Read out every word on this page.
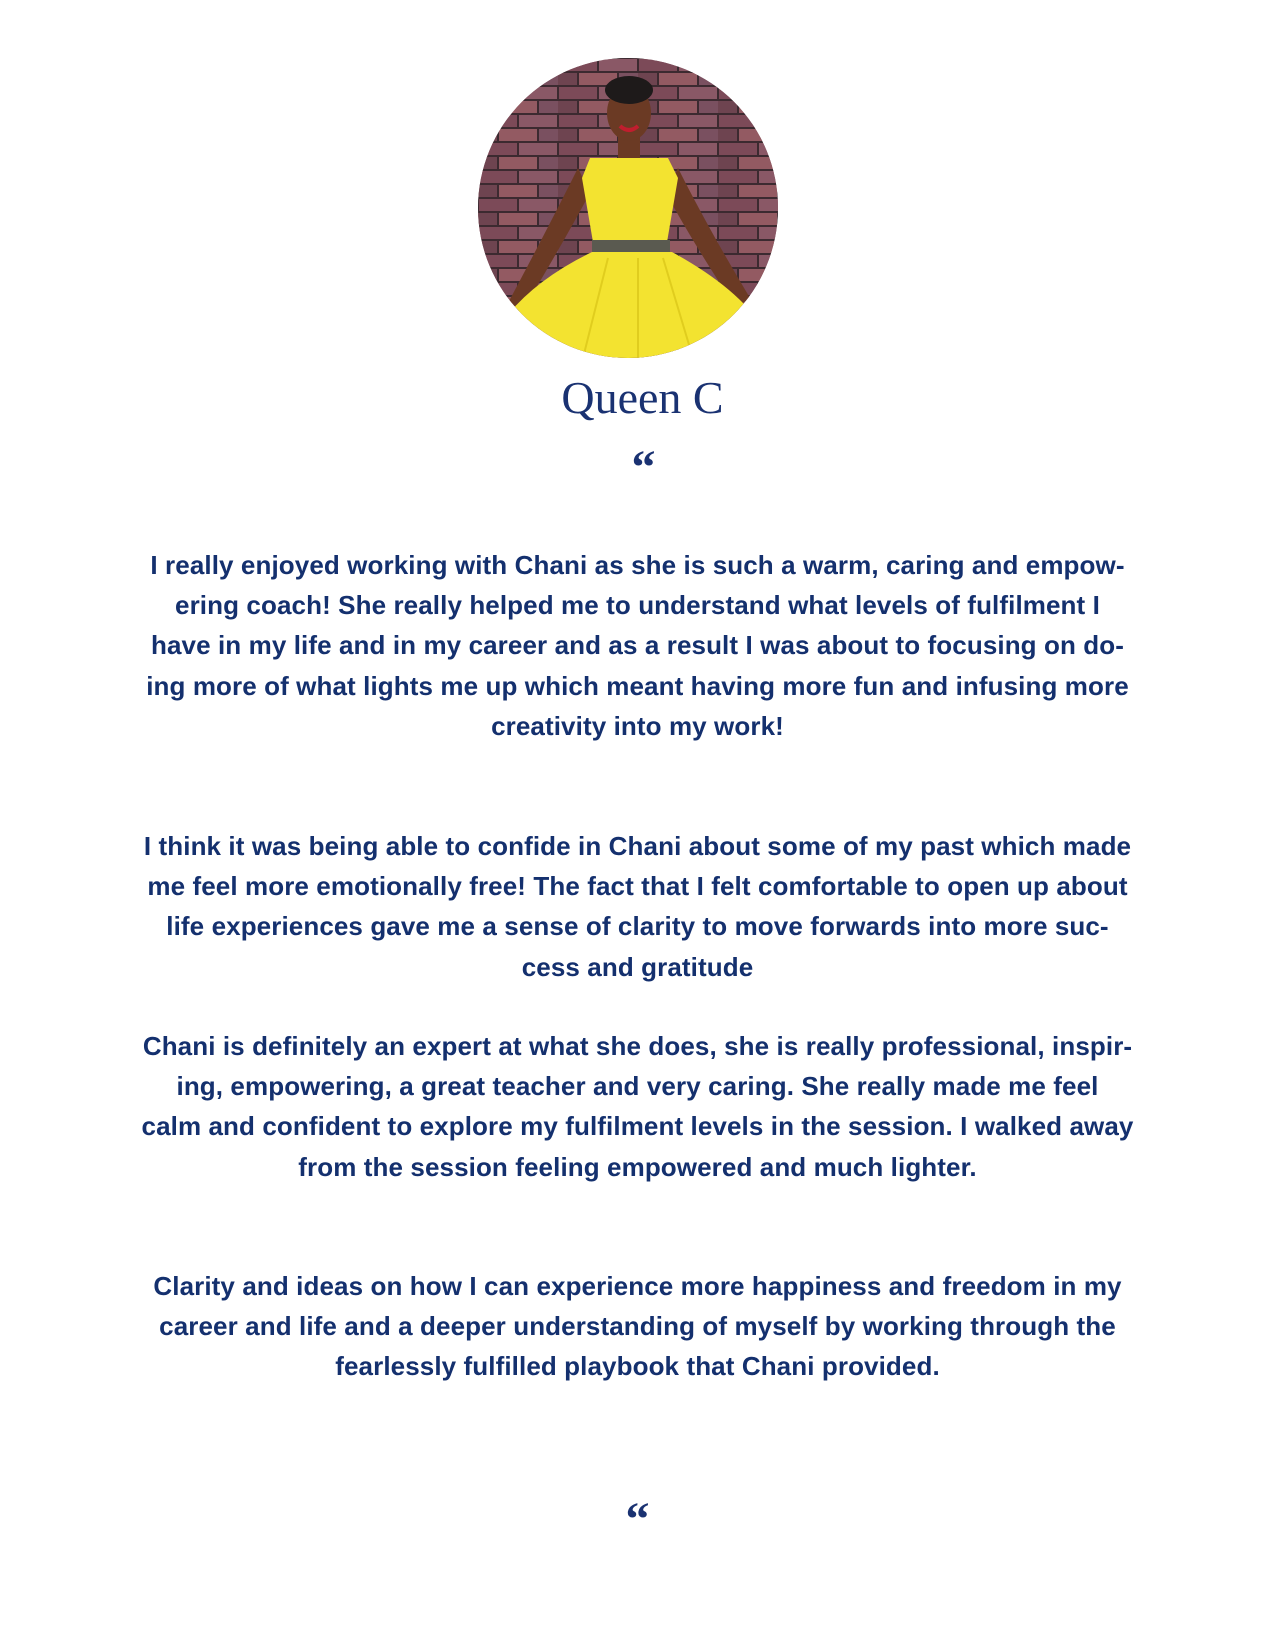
Queen C
“
I really enjoyed working with Chani as she is such a warm, caring and empow-
ering coach! She really helped me to understand what levels of fulfilment I
have in my life and in my career and as a result I was about to focusing on do-
ing more of what lights me up which meant having more fun and infusing more
creativity into my work!
I think it was being able to confide in Chani about some of my past which made
me feel more emotionally free! The fact that I felt comfortable to open up about
life experiences gave me a sense of clarity to move forwards into more suc-
cess and gratitude
Chani is definitely an expert at what she does, she is really professional, inspir-
ing, empowering, a great teacher and very caring. She really made me feel
calm and confident to explore my fulfilment levels in the session. I walked away
from the session feeling empowered and much lighter.
Clarity and ideas on how I can experience more happiness and freedom in my
career and life and a deeper understanding of myself by working through the
fearlessly fulfilled playbook that Chani provided.
“
